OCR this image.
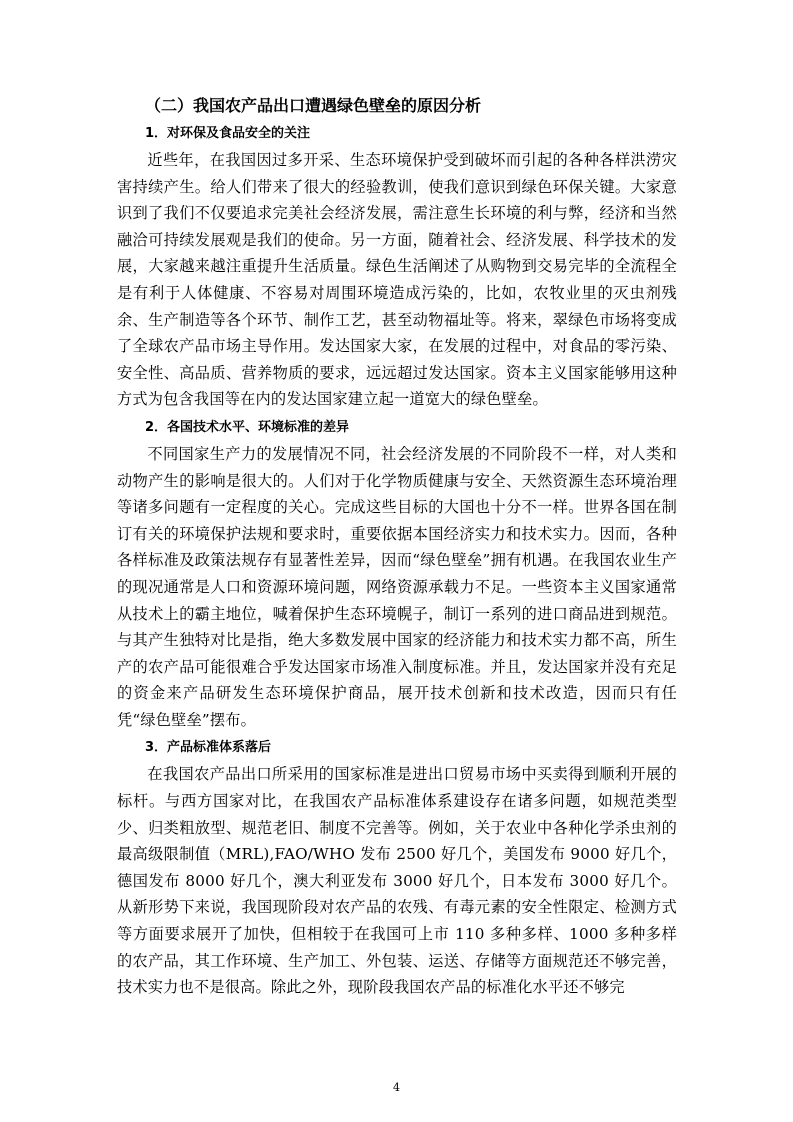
（二）我国农产品出口遭遇绿色壁垒的原因分析
1．对环保及食品安全的关注

近些年，在我国因过多开采、生态环境保护受到破坏而引起的各种各样洪涝灾害持续产生。给人们带来了很大的经验教训，使我们意识到绿色环保关键。大家意识到了我们不仅要追求完美社会经济发展，需注意生长环境的利与弊，经济和当然融洽可持续发展观是我们的使命。另一方面，随着社会、经济发展、科学技术的发展，大家越来越注重提升生活质量。绿色生活阐述了从购物到交易完毕的全流程全是有利于人体健康、不容易对周围环境造成污染的，比如，农牧业里的灭虫剂残余、生产制造等各个环节、制作工艺，甚至动物福址等。将来，翠绿色市场将变成了全球农产品市场主导作用。发达国家大家，在发展的过程中，对食品的零污染、安全性、高品质、营养物质的要求，远远超过发达国家。资本主义国家能够用这种方式为包含我国等在内的发达国家建立起一道宽大的绿色壁垒。

2．各国技术水平、环境标准的差异

不同国家生产力的发展情况不同，社会经济发展的不同阶段不一样，对人类和动物产生的影响是很大的。人们对于化学物质健康与安全、天然资源生态环境治理等诸多问题有一定程度的关心。完成这些目标的大国也十分不一样。世界各国在制订有关的环境保护法规和要求时，重要依据本国经济实力和技术实力。因而，各种各样标准及政策法规存有显著性差异，因而“绿色壁垒”拥有机遇。在我国农业生产的现况通常是人口和资源环境问题，网络资源承载力不足。一些资本主义国家通常从技术上的霸主地位，喊着保护生态环境幌子，制订一系列的进口商品进到规范。与其产生独特对比是指，绝大多数发展中国家的经济能力和技术实力都不高，所生产的农产品可能很难合乎发达国家市场准入制度标准。并且，发达国家并没有充足的资金来产品研发生态环境保护商品，展开技术创新和技术改造，因而只有任凭“绿色壁垒”摆布。

3．产品标准体系落后

在我国农产品出口所采用的国家标准是进出口贸易市场中买卖得到顺利开展的标杆。与西方国家对比，在我国农产品标准体系建设存在诸多问题，如规范类型少、归类粗放型、规范老旧、制度不完善等。例如，关于农业中各种化学杀虫剂的最高级限制值（MRL),FAO/WHO 发布 2500 好几个，美国发布 9000 好几个，德国发布 8000 好几个，澳大利亚发布 3000 好几个，日本发布 3000 好几个。从新形势下来说，我国现阶段对农产品的农残、有毒元素的安全性限定、检测方式等方面要求展开了加快，但相较于在我国可上市 110 多种多样、1000 多种多样的农产品，其工作环境、生产加工、外包装、运送、存储等方面规范还不够完善，技术实力也不是很高。除此之外，现阶段我国农产品的标准化水平还不够完

4
